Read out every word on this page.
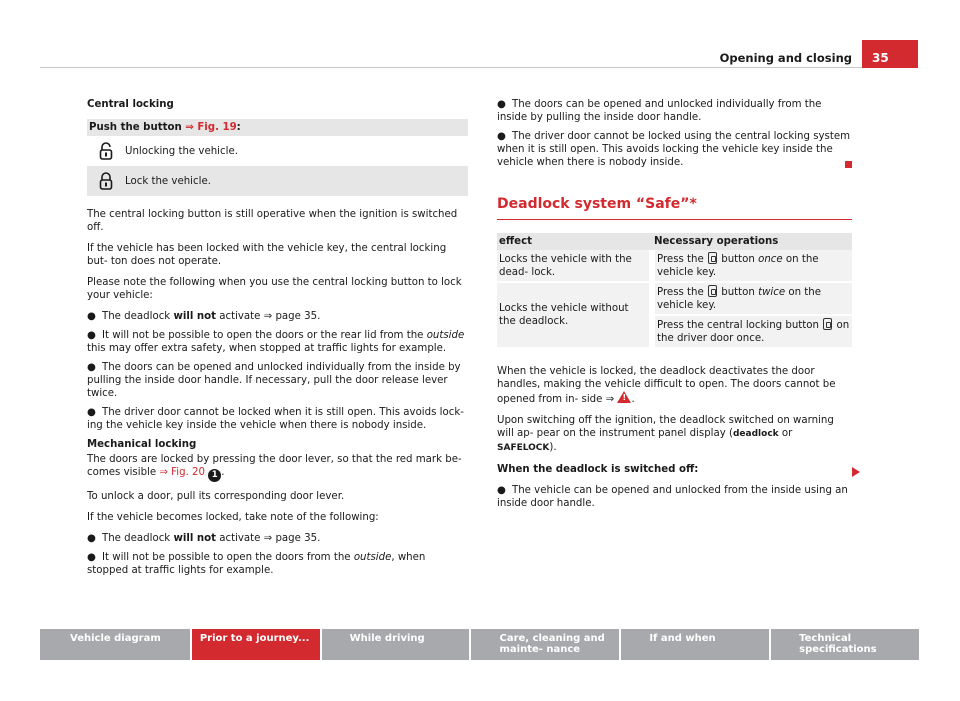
Opening and closing	35

Central locking

Push the button ⇒ Fig. 19:
Unlocking the vehicle.
Lock the vehicle.

The central locking button is still operative when the ignition is switched off.

If the vehicle has been locked with the vehicle key, the central locking but- ton does not operate.

Please note the following when you use the central locking button to lock your vehicle:

● The deadlock will not activate ⇒ page 35.

● It will not be possible to open the doors or the rear lid from the outside this may offer extra safety, when stopped at traffic lights for example.

● The doors can be opened and unlocked individually from the inside by pulling the inside door handle. If necessary, pull the door release lever twice.

● The driver door cannot be locked when it is still open. This avoids lock- ing the vehicle key inside the vehicle when there is nobody inside.

Mechanical locking

The doors are locked by pressing the door lever, so that the red mark be- comes visible ⇒ Fig. 20 1 .

To unlock a door, pull its corresponding door lever.

If the vehicle becomes locked, take note of the following:

● The deadlock will not activate ⇒ page 35.

● It will not be possible to open the doors from the outside, when stopped at traffic lights for example.

● The doors can be opened and unlocked individually from the inside by pulling the inside door handle.

● The driver door cannot be locked using the central locking system when it is still open. This avoids locking the vehicle key inside the vehicle when there is nobody inside.

Deadlock system “Safe”*
effect	Necessary operations
Locks the vehicle with the dead- lock.	Press the  button once on the vehicle key.
Locks the vehicle without the deadlock.	Press the  button twice on the vehicle key.
	Press the central locking button  on the driver door once.

When the vehicle is locked, the deadlock deactivates the door handles, making the vehicle difficult to open. The doors cannot be opened from in- side ⇒ !.

Upon switching off the ignition, the deadlock switched on warning will ap- pear on the instrument panel display (deadlock or SAFELOCK).

When the deadlock is switched off:

● The vehicle can be opened and unlocked from the inside using an inside door handle.

Vehicle diagram	Prior to a journey...	While driving	Care, cleaning and mainte- nance
If and when	Technical specifications
